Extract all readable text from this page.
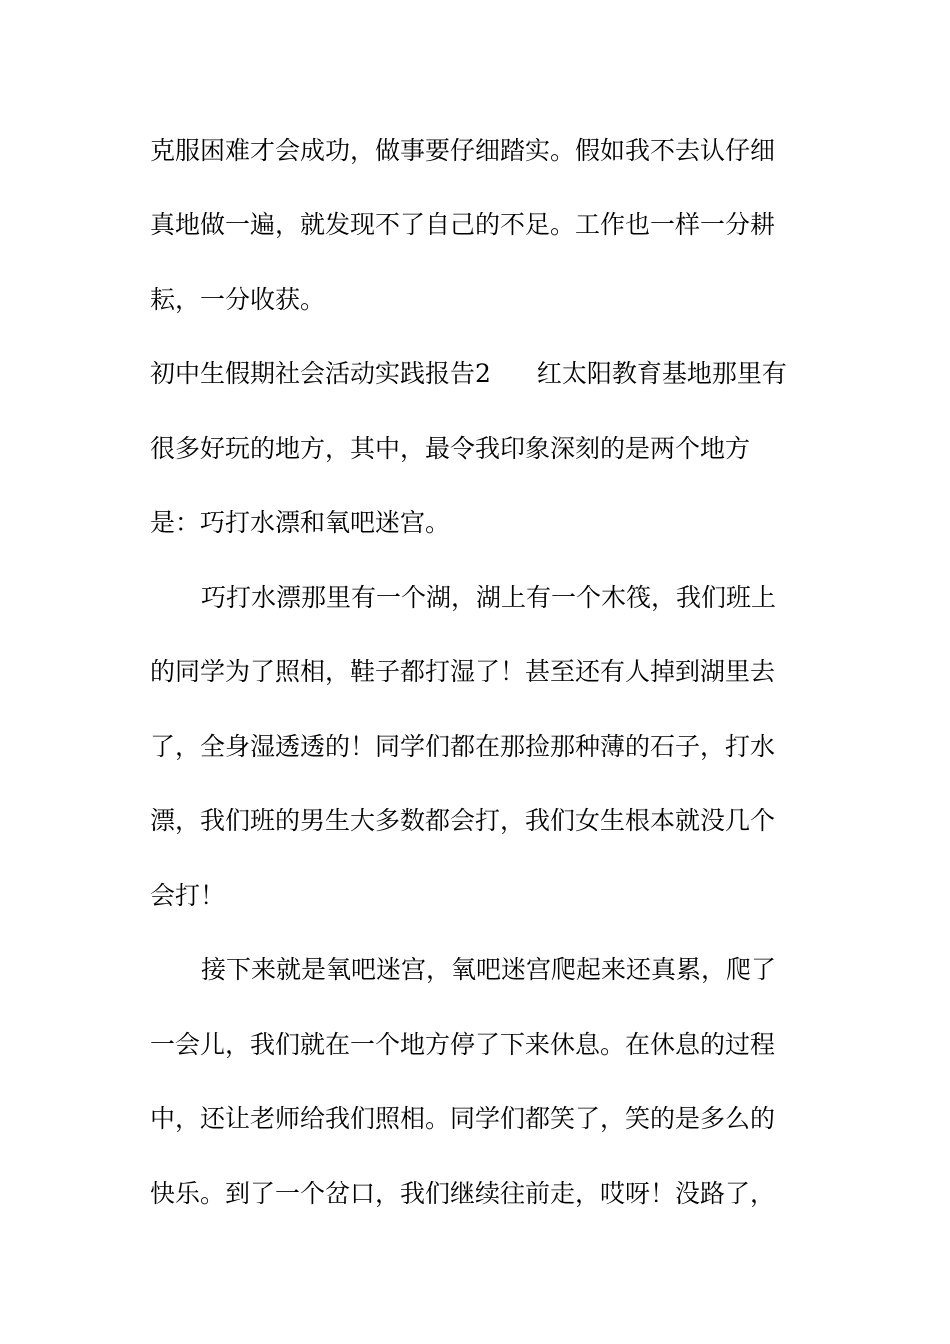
克服困难才会成功，做事要仔细踏实。假如我不去认仔细
真地做一遍，就发现不了自己的不足。工作也一样一分耕
耘，一分收获。
初中生假期社会活动实践报告2 红太阳教育基地那里有
很多好玩的地方，其中，最令我印象深刻的是两个地方
是：巧打水漂和氧吧迷宫。
巧打水漂那里有一个湖，湖上有一个木筏，我们班上
的同学为了照相，鞋子都打湿了！甚至还有人掉到湖里去
了，全身湿透透的！同学们都在那捡那种薄的石子，打水
漂，我们班的男生大多数都会打，我们女生根本就没几个
会打！
接下来就是氧吧迷宫，氧吧迷宫爬起来还真累，爬了
一会儿，我们就在一个地方停了下来休息。在休息的过程
中，还让老师给我们照相。同学们都笑了，笑的是多么的
快乐。到了一个岔口，我们继续往前走，哎呀！没路了，
